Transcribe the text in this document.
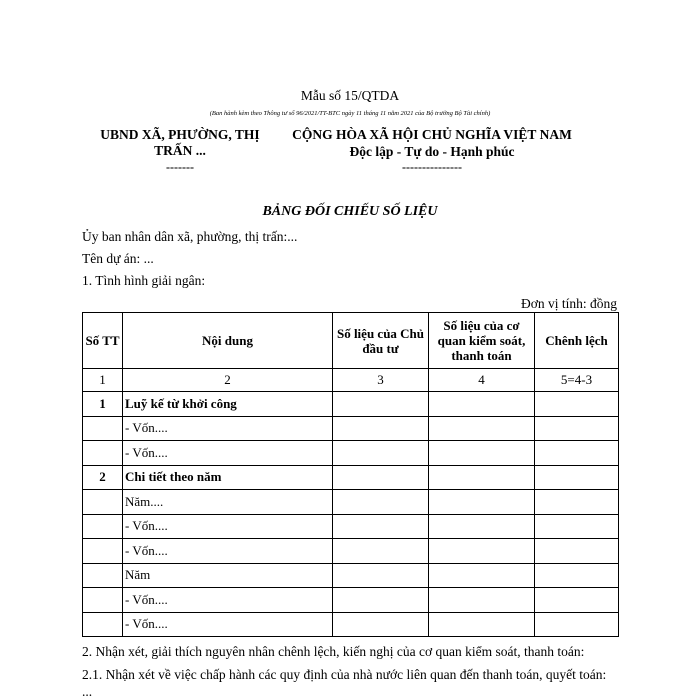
Mẫu số 15/QTDA
(Ban hành kèm theo Thông tư số 96/2021/TT-BTC ngày 11 tháng 11 năm 2021 của Bộ trưởng Bộ Tài chính)
UBND XÃ, PHƯỜNG, THỊ TRẤN ...
-------
CỘNG HÒA XÃ HỘI CHỦ NGHĨA VIỆT NAM
Độc lập - Tự do - Hạnh phúc
---------------
BẢNG ĐỐI CHIẾU SỐ LIỆU
Ủy ban nhân dân xã, phường, thị trấn:...
Tên dự án: ...
1. Tình hình giải ngân:
Đơn vị tính: đồng
Số TT	Nội dung	Số liệu của Chủ đầu tư	Số liệu của cơ quan kiểm soát, thanh toán	Chênh lệch
1	2	3	4	5=4-3
1	Luỹ kế từ khởi công			
	- Vốn....			
	- Vốn....			
2	Chi tiết theo năm			
	Năm....			
	- Vốn....			
	- Vốn....			
	Năm			
	- Vốn....			
	- Vốn....			
2. Nhận xét, giải thích nguyên nhân chênh lệch, kiến nghị của cơ quan kiểm soát, thanh toán:
2.1. Nhận xét về việc chấp hành các quy định của nhà nước liên quan đến thanh toán, quyết toán:
...
